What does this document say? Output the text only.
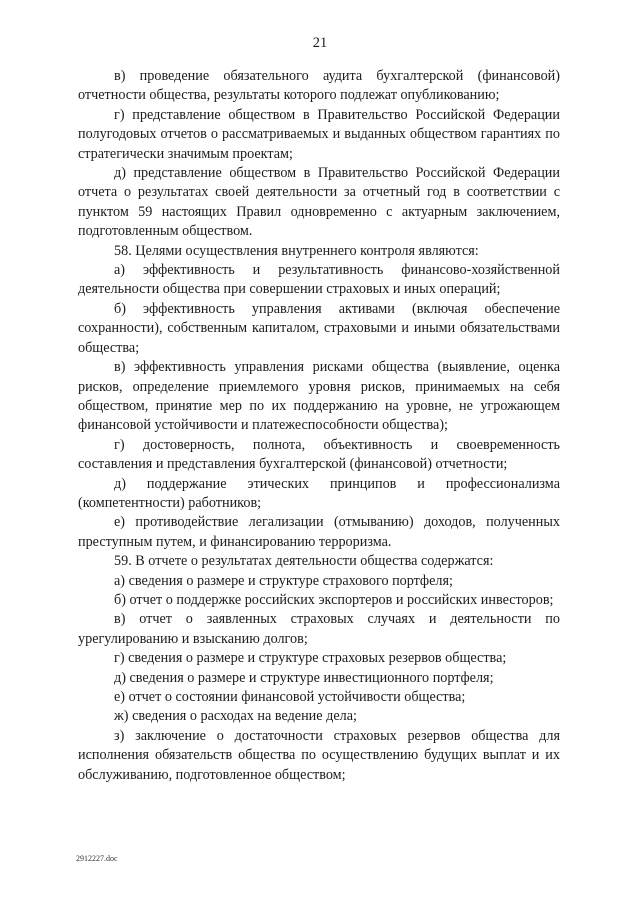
21

в) проведение обязательного аудита бухгалтерской (финансовой) отчетности общества, результаты которого подлежат опубликованию;

г) представление обществом в Правительство Российской Федерации полугодовых отчетов о рассматриваемых и выданных обществом гарантиях по стратегически значимым проектам;

д) представление обществом в Правительство Российской Федерации отчета о результатах своей деятельности за отчетный год в соответствии с пунктом 59 настоящих Правил одновременно с актуарным заключением, подготовленным обществом.

58. Целями осуществления внутреннего контроля являются:

а) эффективность и результативность финансово-хозяйственной деятельности общества при совершении страховых и иных операций;

б) эффективность управления активами (включая обеспечение сохранности), собственным капиталом, страховыми и иными обязательствами общества;

в) эффективность управления рисками общества (выявление, оценка рисков, определение приемлемого уровня рисков, принимаемых на себя обществом, принятие мер по их поддержанию на уровне, не угрожающем финансовой устойчивости и платежеспособности общества);

г) достоверность, полнота, объективность и своевременность составления и представления бухгалтерской (финансовой) отчетности;

д) поддержание этических принципов и профессионализма (компетентности) работников;

е) противодействие легализации (отмыванию) доходов, полученных преступным путем, и финансированию терроризма.

59. В отчете о результатах деятельности общества содержатся:

а) сведения о размере и структуре страхового портфеля;

б) отчет о поддержке российских экспортеров и российских инвесторов;

в) отчет о заявленных страховых случаях и деятельности по урегулированию и взысканию долгов;

г) сведения о размере и структуре страховых резервов общества;

д) сведения о размере и структуре инвестиционного портфеля;

е) отчет о состоянии финансовой устойчивости общества;

ж) сведения о расходах на ведение дела;

з) заключение о достаточности страховых резервов общества для исполнения обязательств общества по осуществлению будущих выплат и их обслуживанию, подготовленное обществом;

2912227.doc
